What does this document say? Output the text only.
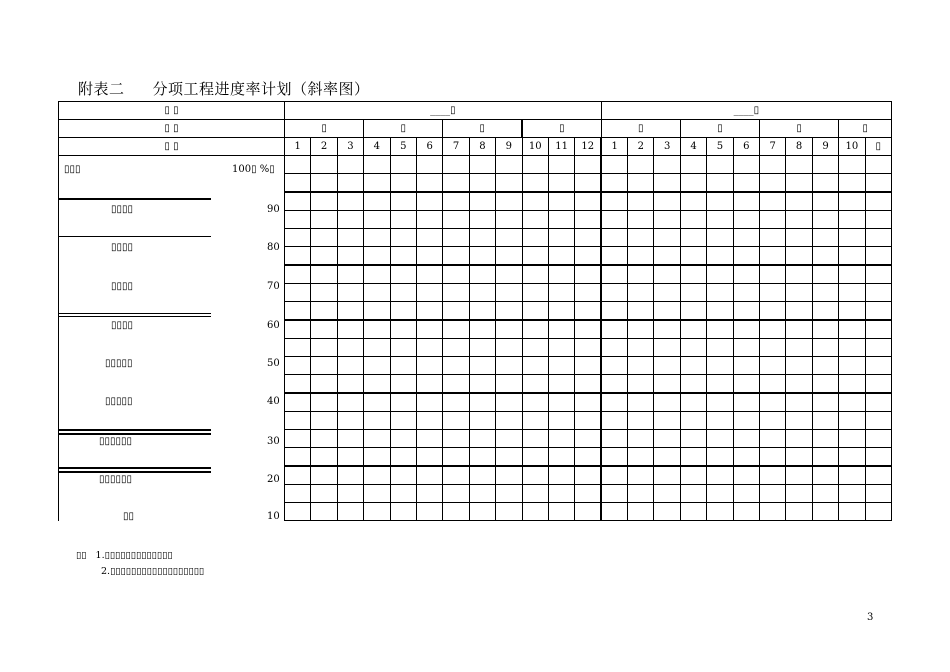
附表二 分项工程进度率计划（斜率图）
▯ ▯	____▯												____▯										
▯ ▯	▯			▯			▯			▯			▯			▯			▯			▯	
▯ ▯	1	2	3	4	5	6	7	8	9	10	11	12	1	2	3	4	5	6	7	8	9	10	▯

▯▯▯	100▯ %▯
▯▯▯▯	90
▯▯▯▯	80
▯▯▯▯	70
▯▯▯▯	60
▯▯▯▯▯	50
▯▯▯▯▯	40
▯▯▯▯▯▯	30
▯▯▯▯▯▯	20
▯▯	10
▯▯ 1.▯▯▯▯▯▯▯▯▯▯▯▯▯
2.▯▯▯▯▯▯▯▯▯▯▯▯▯▯▯▯▯▯
3
